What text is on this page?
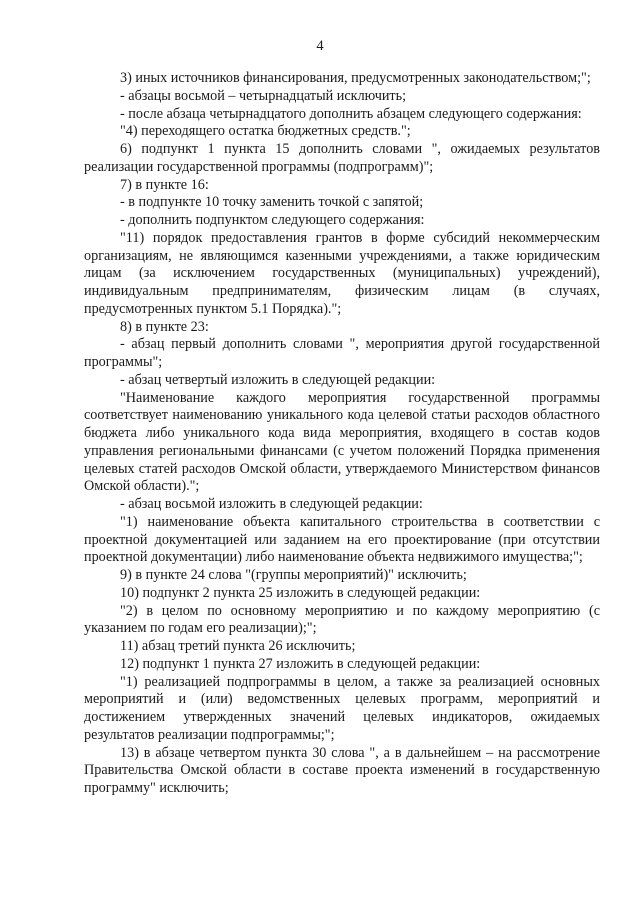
4

3) иных источников финансирования, предусмотренных законодательством;";

- абзацы восьмой – четырнадцатый исключить;

- после абзаца четырнадцатого дополнить абзацем следующего содержания:

"4) переходящего остатка бюджетных средств.";

6) подпункт 1 пункта 15 дополнить словами ", ожидаемых результатов реализации государственной программы (подпрограмм)";

7) в пункте 16:

- в подпункте 10 точку заменить точкой с запятой;

- дополнить подпунктом следующего содержания:

"11) порядок предоставления грантов в форме субсидий некоммерческим организациям, не являющимся казенными учреждениями, а также юридическим лицам (за исключением государственных (муниципальных) учреждений), индивидуальным предпринимателям, физическим лицам (в случаях, предусмотренных пунктом 5.1 Порядка).";

8) в пункте 23:

- абзац первый дополнить словами ", мероприятия другой государственной программы";

- абзац четвертый изложить в следующей редакции:

"Наименование каждого мероприятия государственной программы соответствует наименованию уникального кода целевой статьи расходов областного бюджета либо уникального кода вида мероприятия, входящего в состав кодов управления региональными финансами (с учетом положений Порядка применения целевых статей расходов Омской области, утверждаемого Министерством финансов Омской области).";

- абзац восьмой изложить в следующей редакции:

"1) наименование объекта капитального строительства в соответствии с проектной документацией или заданием на его проектирование (при отсутствии проектной документации) либо наименование объекта недвижимого имущества;";

9) в пункте 24 слова "(группы мероприятий)" исключить;

10) подпункт 2 пункта 25 изложить в следующей редакции:

"2) в целом по основному мероприятию и по каждому мероприятию (с указанием по годам его реализации);";

11) абзац третий пункта 26 исключить;

12) подпункт 1 пункта 27 изложить в следующей редакции:

"1) реализацией подпрограммы в целом, а также за реализацией основных мероприятий и (или) ведомственных целевых программ, мероприятий и достижением утвержденных значений целевых индикаторов, ожидаемых результатов реализации подпрограммы;";

13) в абзаце четвертом пункта 30 слова ", а в дальнейшем – на рассмотрение Правительства Омской области в составе проекта изменений в государственную программу" исключить;
